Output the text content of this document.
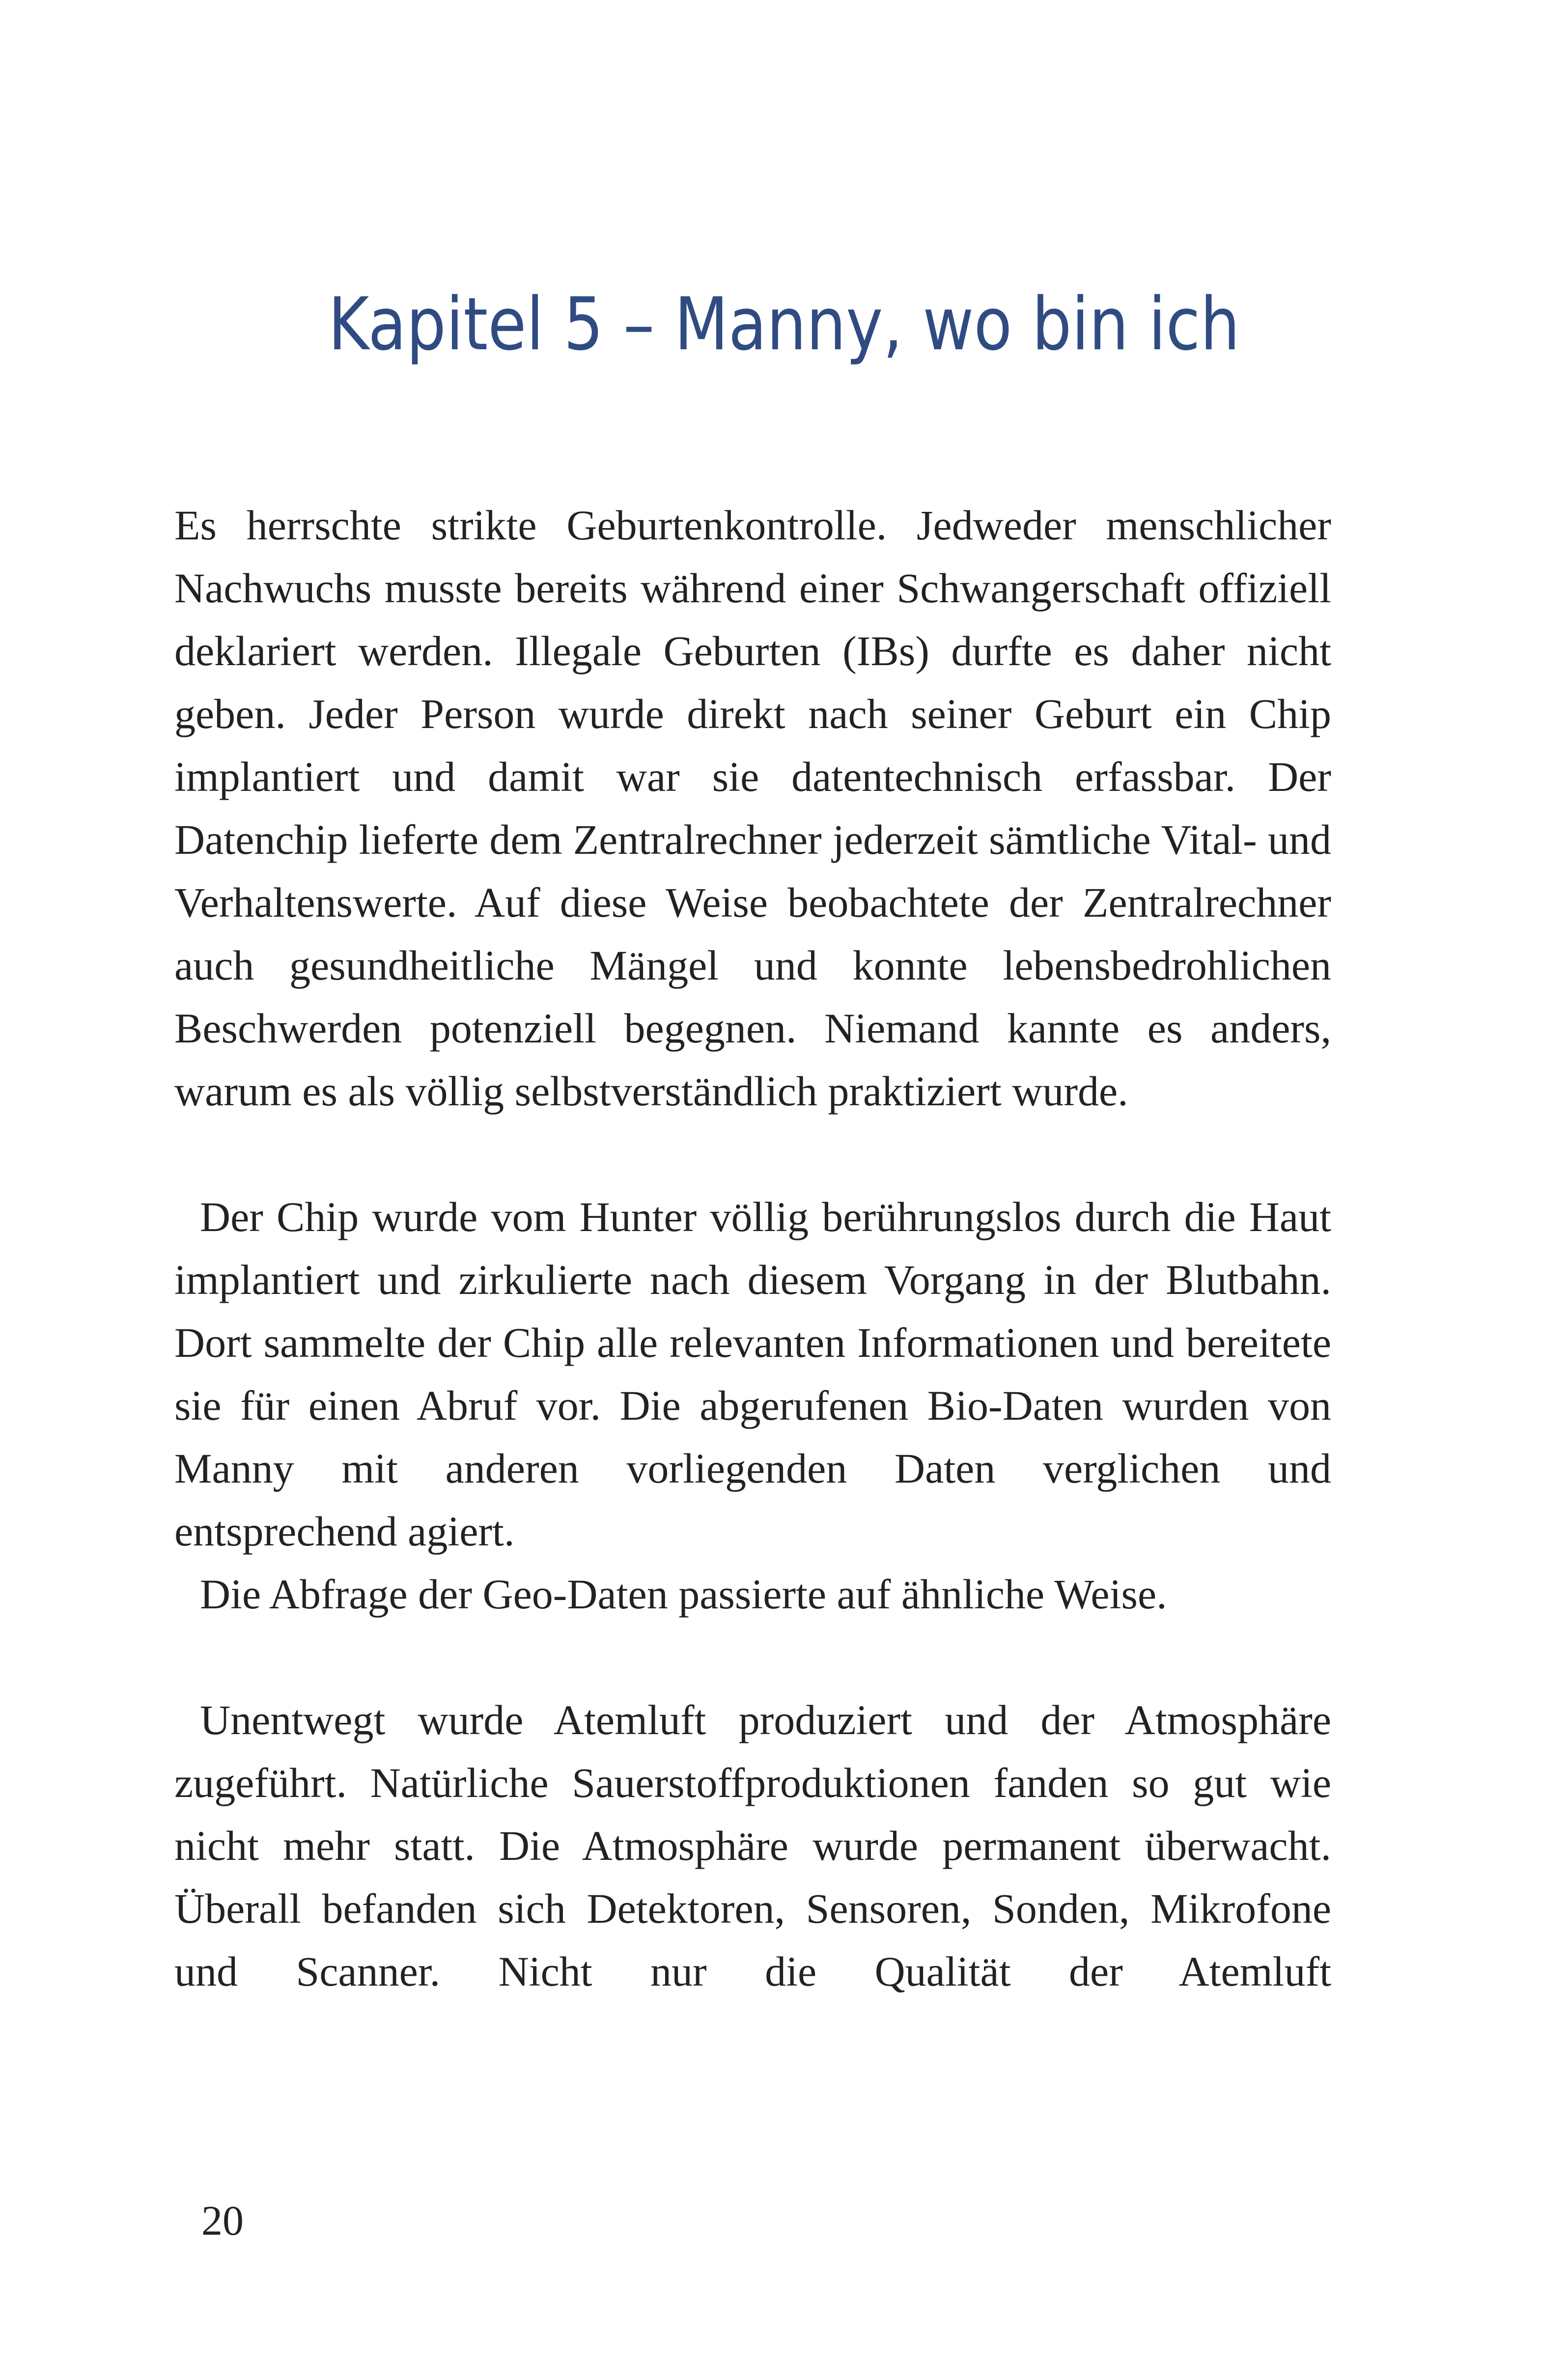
Kapitel 5 – Manny, wo bin ich

Es herrschte strikte Geburtenkontrolle. Jedweder menschlicher Nachwuchs musste bereits während einer Schwangerschaft offiziell deklariert werden. Illegale Geburten (IBs) durfte es daher nicht geben. Jeder Person wurde direkt nach seiner Geburt ein Chip implantiert und damit war sie datentechnisch erfassbar. Der Datenchip lieferte dem Zentralrechner jederzeit sämtliche Vital- und Verhaltenswerte. Auf diese Weise beobachtete der Zentralrechner auch gesundheitliche Mängel und konnte lebensbedrohlichen Beschwerden potenziell begegnen. Niemand kannte es anders, warum es als völlig selbstverständlich praktiziert wurde.

Der Chip wurde vom Hunter völlig berührungslos durch die Haut implantiert und zirkulierte nach diesem Vorgang in der Blutbahn. Dort sammelte der Chip alle relevanten Informationen und bereitete sie für einen Abruf vor. Die abgerufenen Bio-Daten wurden von Manny mit anderen vorliegenden Daten verglichen und entsprechend agiert.

Die Abfrage der Geo-Daten passierte auf ähnliche Weise.

Unentwegt wurde Atemluft produziert und der Atmosphäre zugeführt. Natürliche Sauerstoffproduktionen fanden so gut wie nicht mehr statt. Die Atmosphäre wurde permanent überwacht. Überall befanden sich Detektoren, Sensoren, Sonden, Mikrofone und Scanner. Nicht nur die Qualität der Atemluft

20
